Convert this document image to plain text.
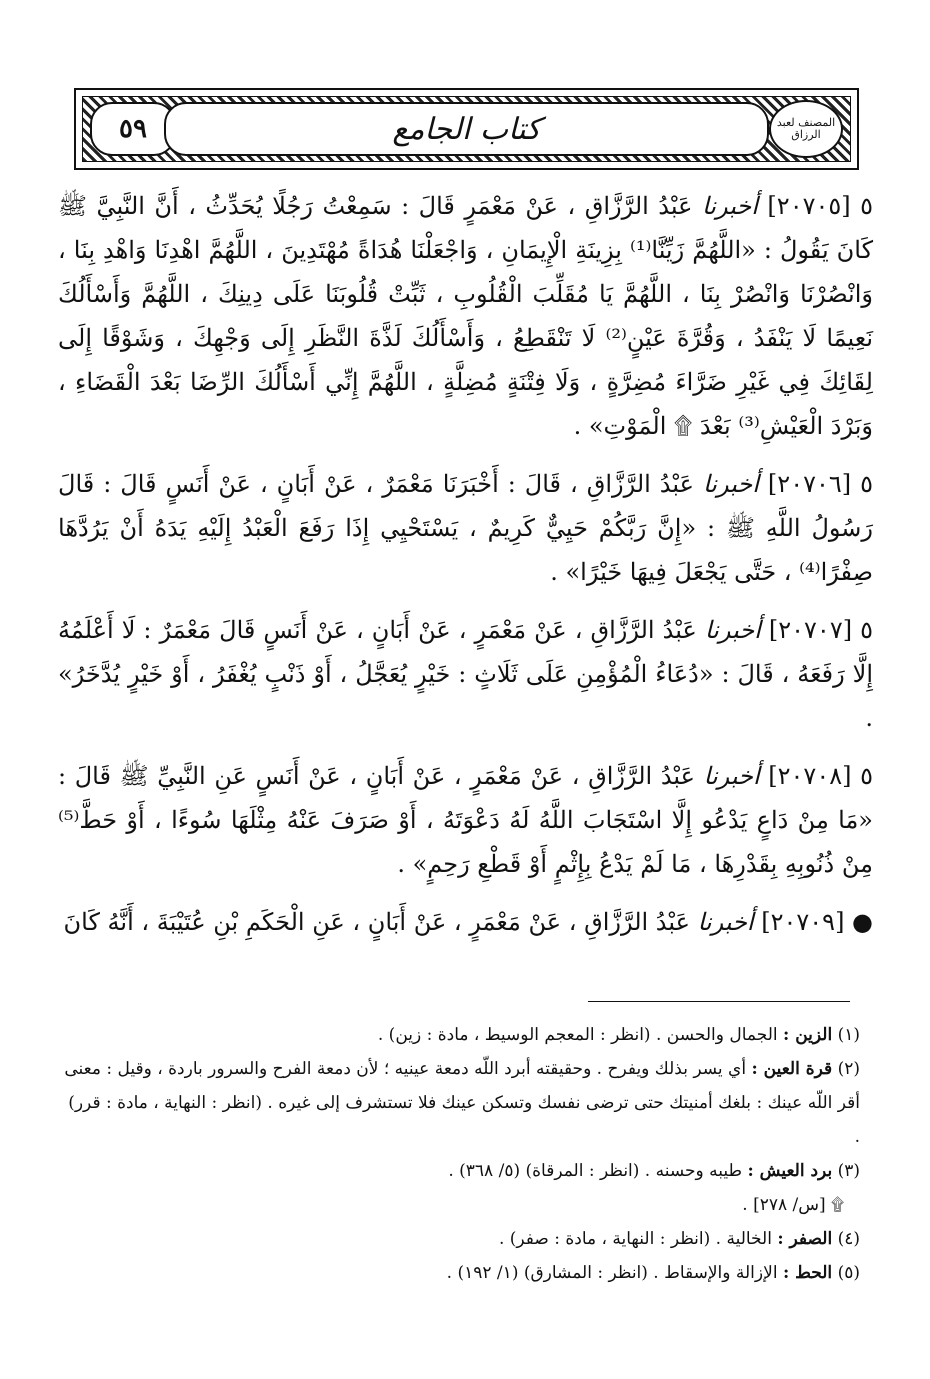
٥٩	كتاب الجامع	المصنف لعبد الرزاق

٥ [٢٠٧٠٥] أخبرنا عَبْدُ الرَّزَّاقِ ، عَنْ مَعْمَرٍ قَالَ : سَمِعْتُ رَجُلًا يُحَدِّثُ ، أَنَّ النَّبِيَّ ﷺ كَانَ يَقُولُ : «اللَّهُمَّ زَيِّنَّا⁽¹⁾ بِزِينَةِ الْإِيمَانِ ، وَاجْعَلْنَا هُدَاةً مُهْتَدِينَ ، اللَّهُمَّ اهْدِنَا وَاهْدِ بِنَا ، وَانْصُرْنَا وَانْصُرْ بِنَا ، اللَّهُمَّ يَا مُقَلِّبَ الْقُلُوبِ ، ثَبِّتْ قُلُوبَنَا عَلَى دِينِكَ ، اللَّهُمَّ وَأَسْأَلُكَ نَعِيمًا لَا يَنْفَدُ ، وَقُرَّةَ عَيْنٍ⁽²⁾ لَا تَنْقَطِعُ ، وَأَسْأَلُكَ لَذَّةَ النَّظَرِ إِلَى وَجْهِكَ ، وَشَوْقًا إِلَى لِقَائِكَ فِي غَيْرِ ضَرَّاءَ مُضِرَّةٍ ، وَلَا فِتْنَةٍ مُضِلَّةٍ ، اللَّهُمَّ إِنِّي أَسْأَلُكَ الرِّضَا بَعْدَ الْقَضَاءِ ، وَبَرْدَ الْعَيْشِ⁽³⁾ بَعْدَ ۩ الْمَوْتِ» .

٥ [٢٠٧٠٦] أخبرنا عَبْدُ الرَّزَّاقِ ، قَالَ : أَخْبَرَنَا مَعْمَرٌ ، عَنْ أَبَانٍ ، عَنْ أَنَسٍ قَالَ : قَالَ رَسُولُ اللَّهِ ﷺ : «إِنَّ رَبَّكُمْ حَيِيٌّ كَرِيمٌ ، يَسْتَحْيِي إِذَا رَفَعَ الْعَبْدُ إِلَيْهِ يَدَهُ أَنْ يَرُدَّهَا صِفْرًا⁽⁴⁾ ، حَتَّى يَجْعَلَ فِيهَا خَيْرًا» .

٥ [٢٠٧٠٧] أخبرنا عَبْدُ الرَّزَّاقِ ، عَنْ مَعْمَرٍ ، عَنْ أَبَانٍ ، عَنْ أَنَسٍ قَالَ مَعْمَرٌ : لَا أَعْلَمُهُ إِلَّا رَفَعَهُ ، قَالَ : «دُعَاءُ الْمُؤْمِنِ عَلَى ثَلَاثٍ : خَيْرٍ يُعَجَّلُ ، أَوْ ذَنْبٍ يُغْفَرُ ، أَوْ خَيْرٍ يُدَّخَرُ» .

٥ [٢٠٧٠٨] أخبرنا عَبْدُ الرَّزَّاقِ ، عَنْ مَعْمَرٍ ، عَنْ أَبَانٍ ، عَنْ أَنَسٍ عَنِ النَّبِيِّ ﷺ قَالَ : «مَا مِنْ دَاعٍ يَدْعُو إِلَّا اسْتَجَابَ اللَّهُ لَهُ دَعْوَتَهُ ، أَوْ صَرَفَ عَنْهُ مِثْلَهَا سُوءًا ، أَوْ حَطَّ⁽⁵⁾ مِنْ ذُنُوبِهِ بِقَدْرِهَا ، مَا لَمْ يَدْعُ بِإِثْمٍ أَوْ قَطْعِ رَحِمٍ» .

● [٢٠٧٠٩] أخبرنا عَبْدُ الرَّزَّاقِ ، عَنْ مَعْمَرٍ ، عَنْ أَبَانٍ ، عَنِ الْحَكَمِ بْنِ عُتَيْبَةَ ، أَنَّهُ كَانَ

(١) الزين : الجمال والحسن . (انظر : المعجم الوسيط ، مادة : زين) .

(٢) قرة العين : أي يسر بذلك ويفرح . وحقيقته أبرد اللّه دمعة عينيه ؛ لأن دمعة الفرح والسرور باردة ، وقيل : معنى أقر اللّه عينك : بلغك أمنيتك حتى ترضى نفسك وتسكن عينك فلا تستشرف إلى غيره . (انظر : النهاية ، مادة : قرر) .

(٣) برد العيش : طيبه وحسنه . (انظر : المرقاة) (٥/ ٣٦٨) .

۩ [س/ ٢٧٨] .

(٤) الصفر : الخالية . (انظر : النهاية ، مادة : صفر) .

(٥) الحط : الإزالة والإسقاط . (انظر : المشارق) (١/ ١٩٢) .
